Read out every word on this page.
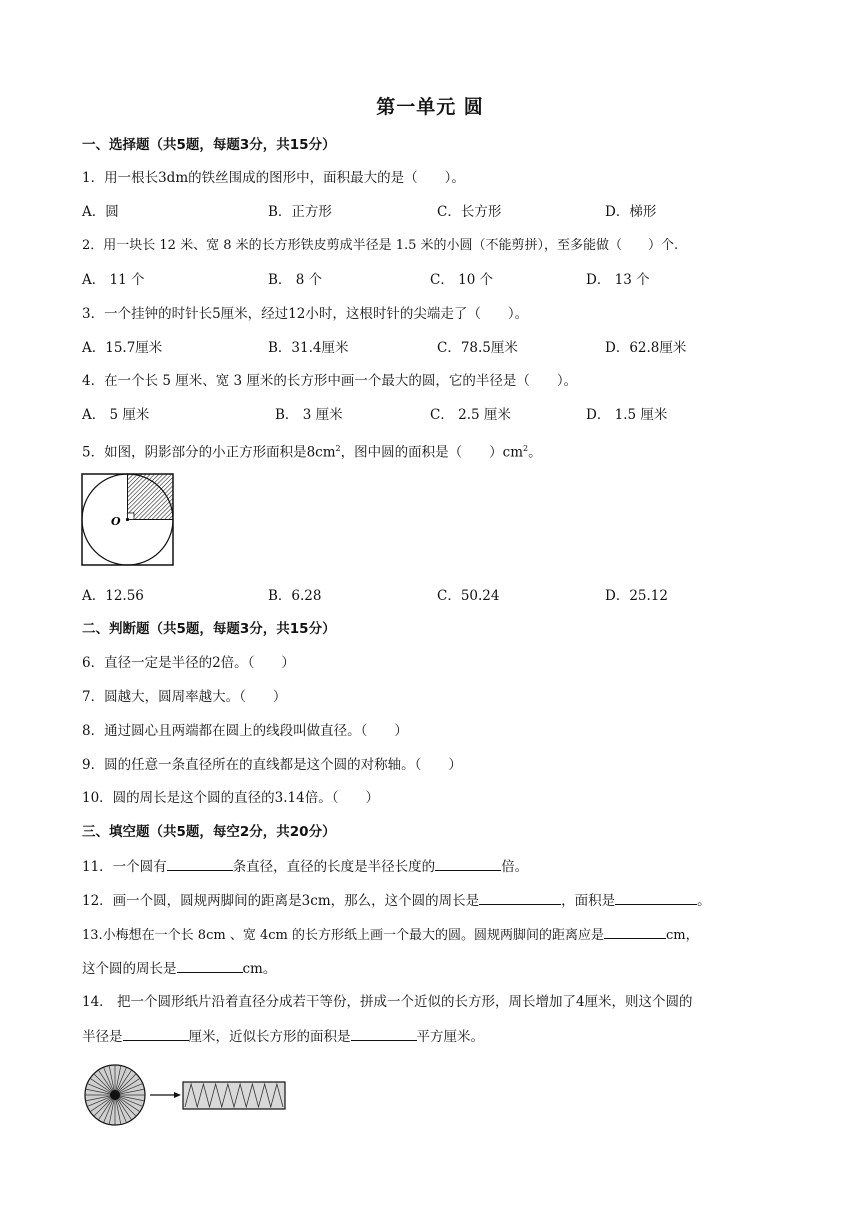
第一单元 圆
一、选择题（共5题，每题3分，共15分）
1．用一根长3dm的铁丝围成的图形中，面积最大的是（　　）。
A．圆	B．正方形	C．长方形	D．梯形
2．用一块长 12 米、宽 8 米的长方形铁皮剪成半径是 1.5 米的小圆（不能剪拼），至多能做（　　）个.
A． 11 个	B． 8 个	C． 10 个	D． 13 个
3．一个挂钟的时针长5厘米，经过12小时，这根时针的尖端走了（　　）。
A．15.7厘米	B．31.4厘米	C．78.5厘米	D．62.8厘米
4．在一个长 5 厘米、宽 3 厘米的长方形中画一个最大的圆，它的半径是（　　）。
A． 5 厘米	B． 3 厘米	C． 2.5 厘米	D． 1.5 厘米
5．如图，阴影部分的小正方形面积是$8cm^2$，图中圆的面积是（　　）$cm^2$。
O
A．12.56	B．6.28	C．50.24	D．25.12
二、判断题（共5题，每题3分，共15分）
6．直径一定是半径的2倍。（　　）
7．圆越大，圆周率越大。（　　）
8．通过圆心且两端都在圆上的线段叫做直径。（　　）
9．圆的任意一条直径所在的直线都是这个圆的对称轴。（　　）
10．圆的周长是这个圆的直径的3.14倍。（　　）
三、填空题（共5题，每空2分，共20分）
11．一个圆有	条直径，直径的长度是半径长度的	倍。
12．画一个圆，圆规两脚间的距离是3cm，那么，这个圆的周长是	，面积是	。
13.小梅想在一个长 8cm 、宽 4cm 的长方形纸上画一个最大的圆。圆规两脚间的距离应是	cm，
这个圆的周长是	cm。
14． 把一个圆形纸片沿着直径分成若干等份，拼成一个近似的长方形，周长增加了4厘米，则这个圆的
半径是	厘米，近似长方形的面积是	平方厘米。
